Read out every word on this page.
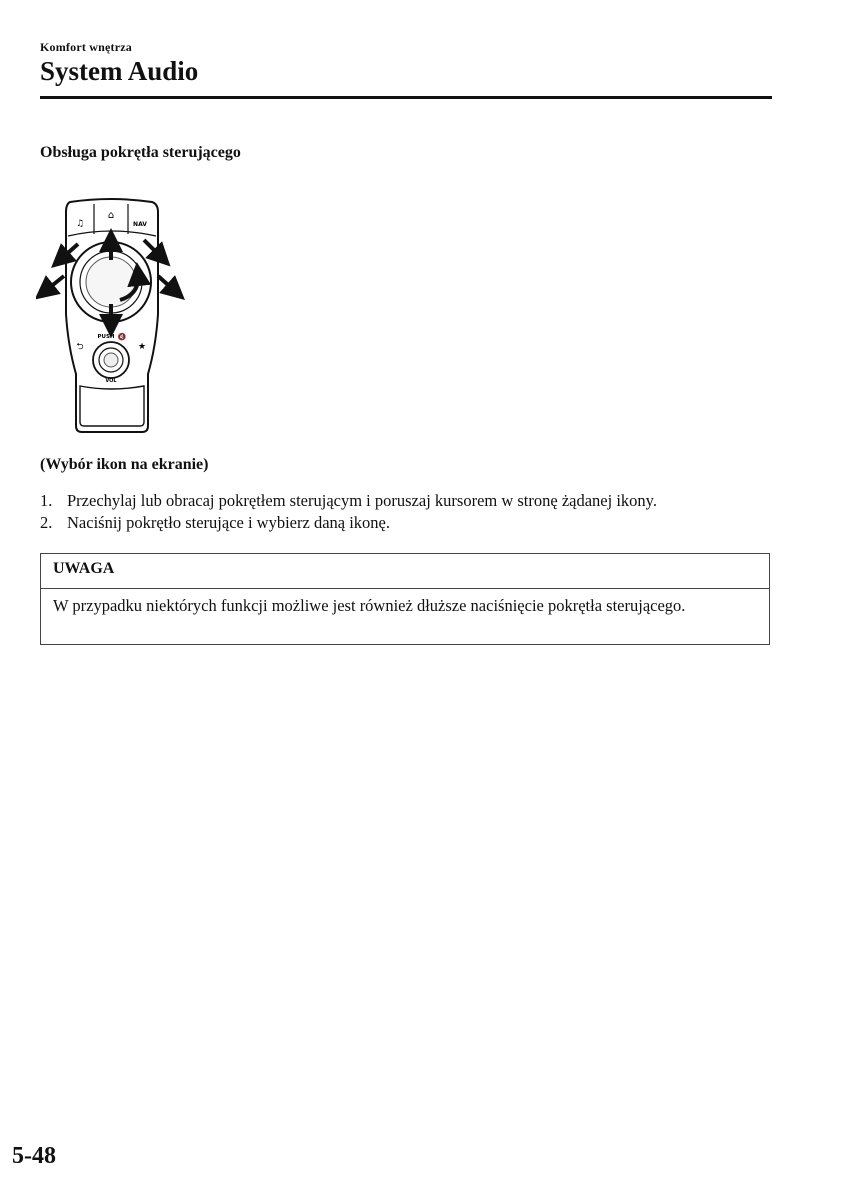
Komfort wnętrza
System Audio
Obsługa pokrętła sterującego
♫
⌂
NAV
PUSH 🔇
⮌	★
VOL
(Wybór ikon na ekranie)
1. Przechylaj lub obracaj pokrętłem sterującym i poruszaj kursorem w stronę żądanej ikony.
2. Naciśnij pokrętło sterujące i wybierz daną ikonę.
UWAGA
W przypadku niektórych funkcji możliwe jest również dłuższe naciśnięcie pokrętła sterującego.
5-48
